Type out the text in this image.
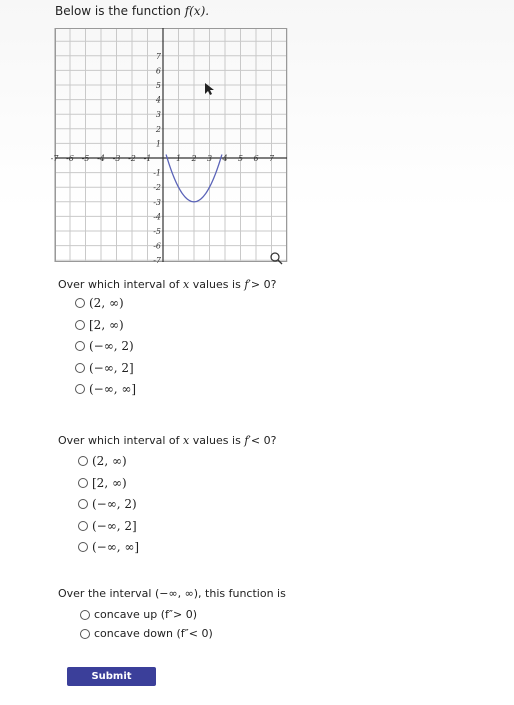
Below is the function f(x).
-7 -6 -5 -4 -3 -2 -1	1 2 3 4 5 6 7
7
6
5
4
3
2
1
-1
-2
-3
-4
-5
-6
-7
Over which interval of x values is f′> 0?
(2, ∞)
[2, ∞)
(−∞, 2)
(−∞, 2]
(−∞, ∞]
Over which interval of x values is f′< 0?
(2, ∞)
[2, ∞)
(−∞, 2)
(−∞, 2]
(−∞, ∞]
Over the interval (−∞, ∞), this function is
concave up (f″> 0)
concave down (f″< 0)
Submit Question
